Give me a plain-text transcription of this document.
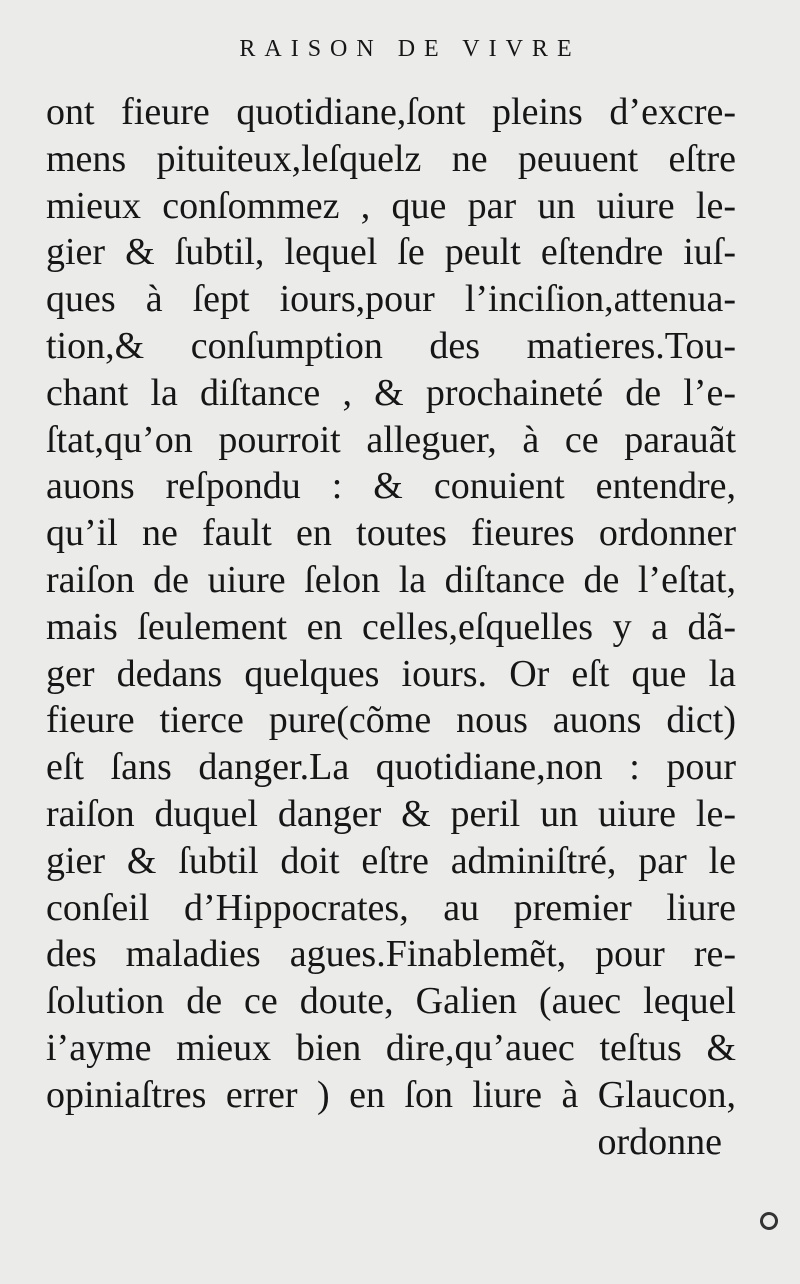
RAISON DE VIVRE
ont fieure quotidiane,ſont pleins d’excre-
mens pituiteux,leſquelz ne peuuent eſtre
mieux conſommez , que par un uiure le-
gier & ſubtil, lequel ſe peult eſtendre iuſ-
ques à ſept iours,pour l’inciſion,attenua-
tion,& conſumption des matieres.Tou-
chant la diſtance , & prochaineté de l’e-
ſtat,qu’on pourroit alleguer, à ce parauãt
auons reſpondu : & conuient entendre,
qu’il ne fault en toutes fieures ordonner
raiſon de uiure ſelon la diſtance de l’eſtat,
mais ſeulement en celles,eſquelles y a dã-
ger dedans quelques iours. Or eſt que la
fieure tierce pure(cõme nous auons dict)
eſt ſans danger.La quotidiane,non : pour
raiſon duquel danger & peril un uiure le-
gier & ſubtil doit eſtre adminiſtré, par le
conſeil d’Hippocrates, au premier liure
des maladies agues.Finablemẽt, pour re-
ſolution de ce doute, Galien (auec lequel
i’ayme mieux bien dire,qu’auec teſtus &
opiniaſtres errer ) en ſon liure à Glaucon,
ordonne
